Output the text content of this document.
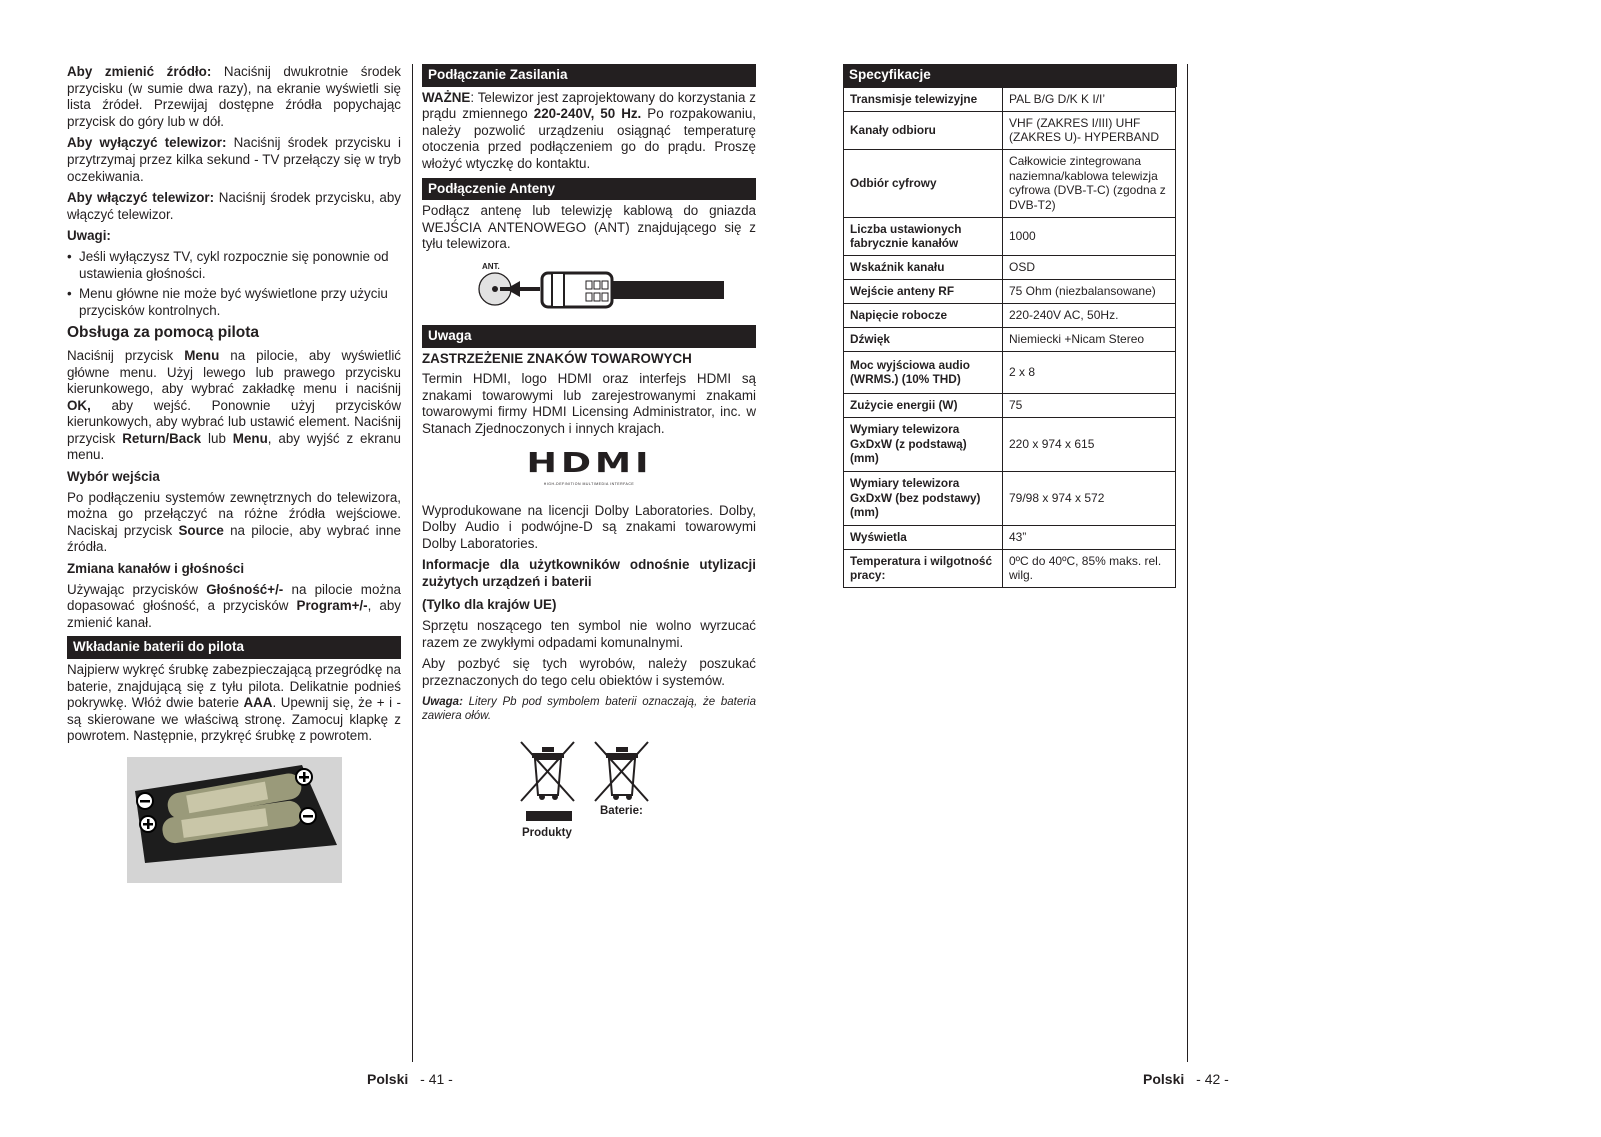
Aby zmienić źródło: Naciśnij dwukrotnie środek przycisku (w sumie dwa razy), na ekranie wyświetli się lista źródeł. Przewijaj dostępne źródła popychając przycisk do góry lub w dół.

Aby wyłączyć telewizor: Naciśnij środek przycisku i przytrzymaj przez kilka sekund - TV przełączy się w tryb oczekiwania.

Aby włączyć telewizor: Naciśnij środek przycisku, aby włączyć telewizor.

Uwagi:
• Jeśli wyłączysz TV, cykl rozpocznie się ponownie od ustawienia głośności.
• Menu główne nie może być wyświetlone przy użyciu przycisków kontrolnych.
Obsługa za pomocą pilota

Naciśnij przycisk Menu na pilocie, aby wyświetlić główne menu. Użyj lewego lub prawego przycisku kierunkowego, aby wybrać zakładkę menu i naciśnij OK, aby wejść. Ponownie użyj przycisków kierunkowych, aby wybrać lub ustawić element. Naciśnij przycisk Return/Back lub Menu, aby wyjść z ekranu menu.

Wybór wejścia

Po podłączeniu systemów zewnętrznych do telewizora, można go przełączyć na różne źródła wejściowe. Naciskaj przycisk Source na pilocie, aby wybrać inne źródła.

Zmiana kanałów i głośności

Używając przycisków Głośność+/- na pilocie można dopasować głośność, a przycisków Program+/-, aby zmienić kanał.

Wkładanie baterii do pilota

Najpierw wykręć śrubkę zabezpieczającą przegródkę na baterie, znajdującą się z tyłu pilota. Delikatnie podnieś pokrywkę. Włóż dwie baterie AAA. Upewnij się, że + i - są skierowane we właściwą stronę. Zamocuj klapkę z powrotem. Następnie, przykręć śrubkę z powrotem.

Podłączanie Zasilania

WAŻNE: Telewizor jest zaprojektowany do korzystania z prądu zmiennego 220-240V, 50 Hz. Po rozpakowaniu, należy pozwolić urządzeniu osiągnąć temperaturę otoczenia przed podłączeniem go do prądu. Proszę włożyć wtyczkę do kontaktu.

Podłączenie Anteny

Podłącz antenę lub telewizję kablową do gniazda WEJŚCIA ANTENOWEGO (ANT) znajdującego się z tyłu telewizora.

ANT.
Uwaga
ZASTRZEŻENIE ZNAKÓW TOWAROWYCH

Termin HDMI, logo HDMI oraz interfejs HDMI są znakami towarowymi lub zarejestrowanymi znakami towarowymi firmy HDMI Licensing Administrator, inc. w Stanach Zjednoczonych i innych krajach.

HDMI
HIGH-DEFINITION MULTIMEDIA INTERFACE

Wyprodukowane na licencji Dolby Laboratories. Dolby, Dolby Audio i podwójne-D są znakami towarowymi Dolby Laboratories.

Informacje dla użytkowników odnośnie utylizacji zużytych urządzeń i baterii

(Tylko dla krajów UE)

Sprzętu noszącego ten symbol nie wolno wyrzucać razem ze zwykłymi odpadami komunalnymi.

Aby pozbyć się tych wyrobów, należy poszukać przeznaczonych do tego celu obiektów i systemów.

Uwaga: Litery Pb pod symbolem baterii oznaczają, że bateria zawiera ołów.

Produkty
Baterie:
Specyfikacje
Transmisje telewizyjne	PAL B/G D/K K I/I’
Kanały odbioru	VHF (ZAKRES I/III) UHF (ZAKRES U)- HYPERBAND
Odbiór cyfrowy	Całkowicie zintegrowana naziemna/kablowa telewizja cyfrowa (DVB-T-C) (zgodna z DVB-T2)
Liczba ustawionych fabrycznie kanałów	1000
Wskaźnik kanału	OSD
Wejście anteny RF	75 Ohm (niezbalansowane)
Napięcie robocze	220-240V AC, 50Hz.
Dźwięk	Niemiecki +Nicam Stereo
Moc wyjściowa audio (WRMS.) (10% THD)	2 x 8
Zużycie energii (W)	75
Wymiary telewizora GxDxW (z podstawą) (mm)	220 x 974 x 615
Wymiary telewizora GxDxW (bez podstawy) (mm)	79/98 x 974 x 572
Wyświetla	43”
Temperatura i wilgotność pracy:	0ºC do 40ºC, 85% maks. rel. wilg.
Polski - 41 -	Polski - 42 -
